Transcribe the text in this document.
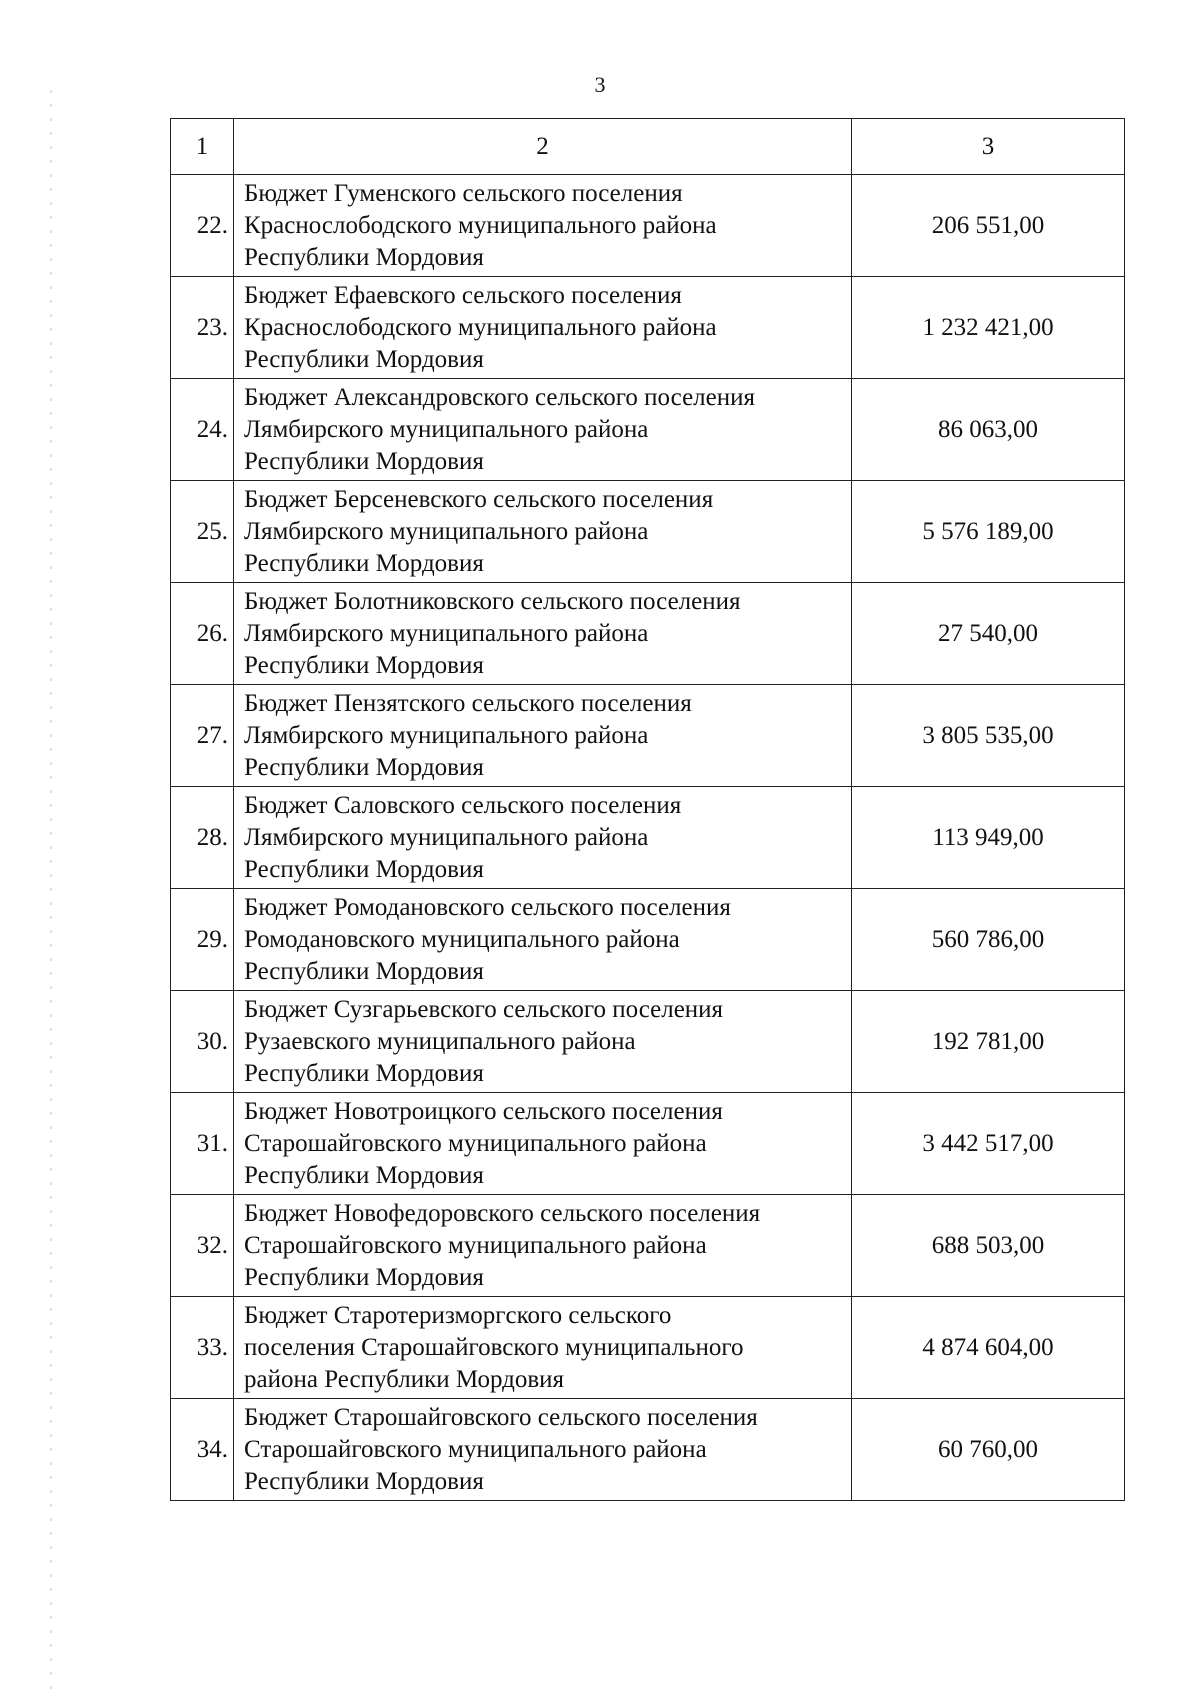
3
1	2	3
22.	Бюджет Гуменского сельского поселения
Краснослободского муниципального района
Республики Мордовия	206 551,00
23.	Бюджет Ефаевского сельского поселения
Краснослободского муниципального района
Республики Мордовия	1 232 421,00
24.	Бюджет Александровского сельского поселения
Лямбирского муниципального района
Республики Мордовия	86 063,00
25.	Бюджет Берсеневского сельского поселения
Лямбирского муниципального района
Республики Мордовия	5 576 189,00
26.	Бюджет Болотниковского сельского поселения
Лямбирского муниципального района
Республики Мордовия	27 540,00
27.	Бюджет Пензятского сельского поселения
Лямбирского муниципального района
Республики Мордовия	3 805 535,00
28.	Бюджет Саловского сельского поселения
Лямбирского муниципального района
Республики Мордовия	113 949,00
29.	Бюджет Ромодановского сельского поселения
Ромодановского муниципального района
Республики Мордовия	560 786,00
30.	Бюджет Сузгарьевского сельского поселения
Рузаевского муниципального района
Республики Мордовия	192 781,00
31.	Бюджет Новотроицкого сельского поселения
Старошайговского муниципального района
Республики Мордовия	3 442 517,00
32.	Бюджет Новофедоровского сельского поселения
Старошайговского муниципального района
Республики Мордовия	688 503,00
33.	Бюджет Старотеризморгского сельского
поселения Старошайговского муниципального
района Республики Мордовия	4 874 604,00
34.	Бюджет Старошайговского сельского поселения
Старошайговского муниципального района
Республики Мордовия	60 760,00
